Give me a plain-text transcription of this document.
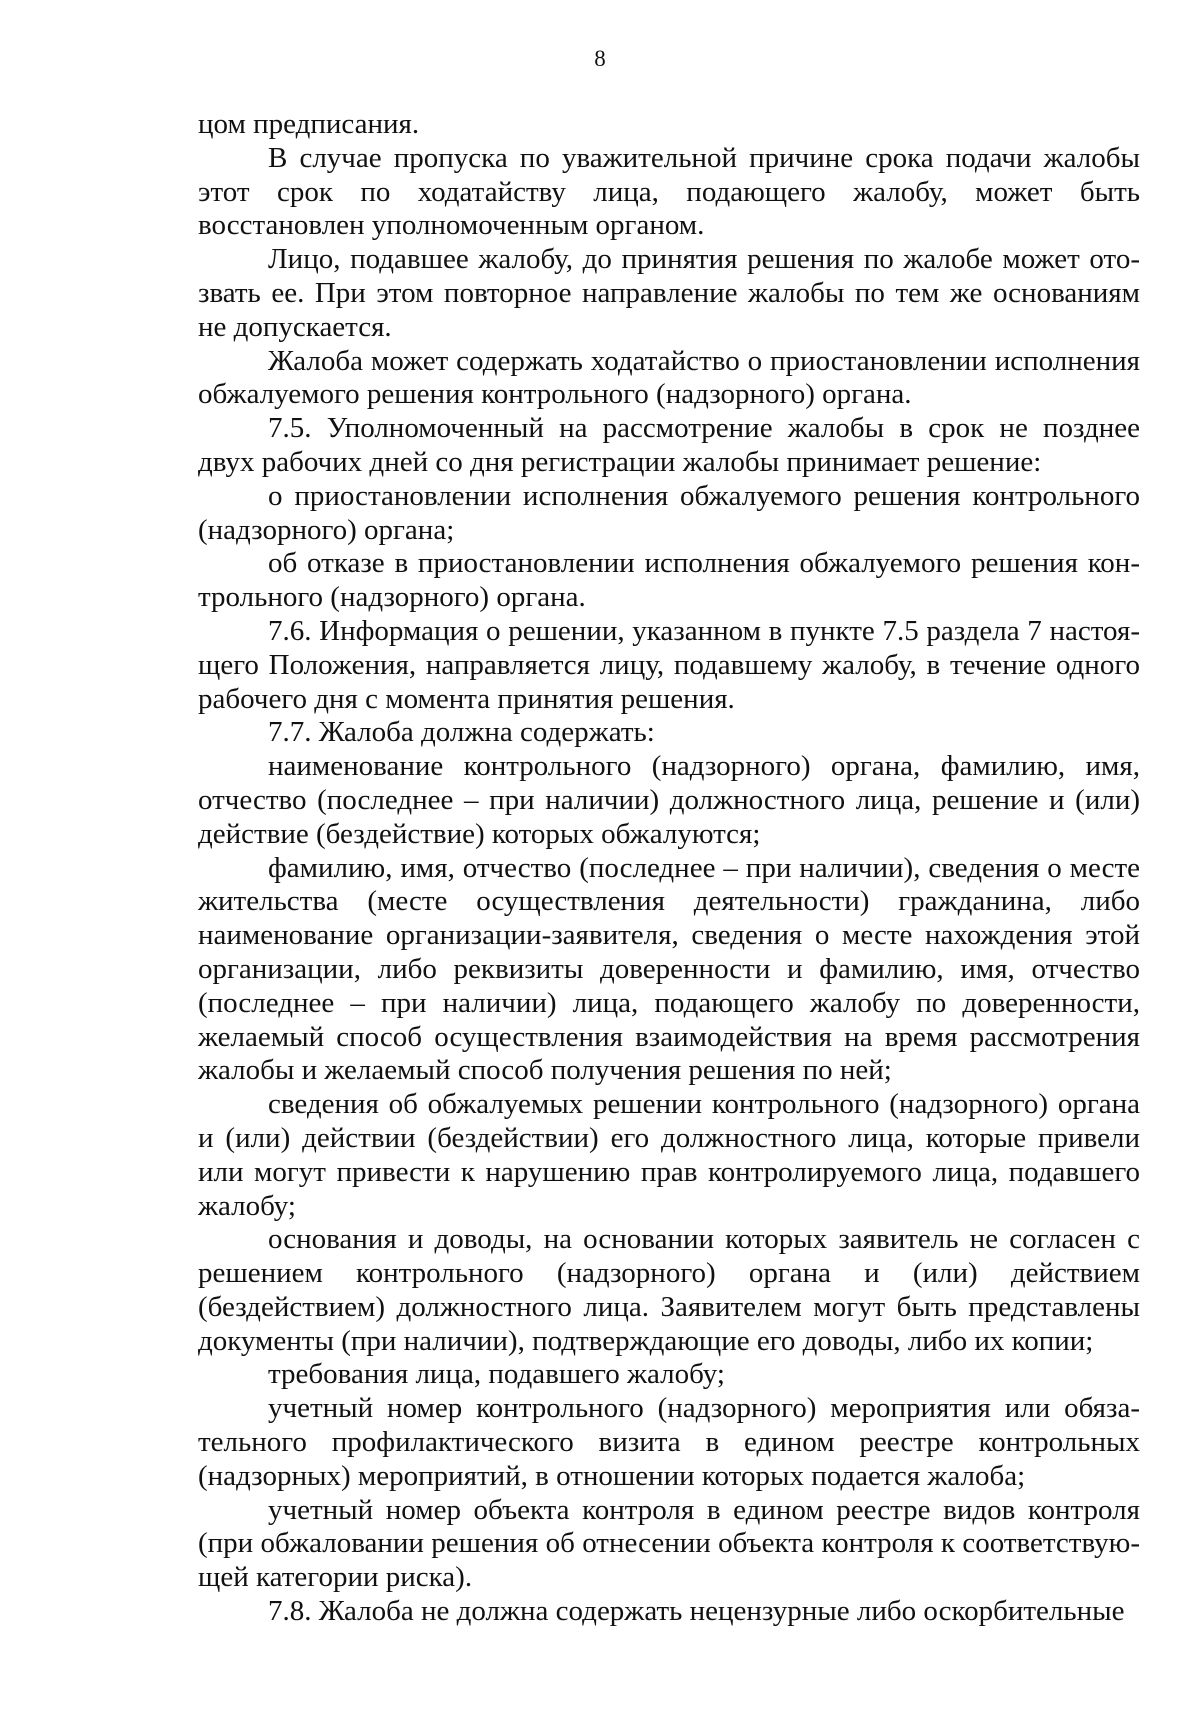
8

цом предписания.

В случае пропуска по уважительной причине срока подачи жалобы этот срок по ходатайству лица, подающего жалобу, может быть восстановлен уполномоченным органом.

Лицо, подавшее жалобу, до принятия решения по жалобе может отозвать ее. При этом повторное направление жалобы по тем же основаниям не допускается.

Жалоба может содержать ходатайство о приостановлении исполнения обжалуемого решения контрольного (надзорного) органа.

7.5. Уполномоченный на рассмотрение жалобы в срок не позднее двух рабочих дней со дня регистрации жалобы принимает решение:

о приостановлении исполнения обжалуемого решения контрольного (надзорного) органа;

об отказе в приостановлении исполнения обжалуемого решения контрольного (надзорного) органа.

7.6. Информация о решении, указанном в пункте 7.5 раздела 7 настоящего Положения, направляется лицу, подавшему жалобу, в течение одного рабочего дня с момента принятия решения.

7.7. Жалоба должна содержать:

наименование контрольного (надзорного) органа, фамилию, имя, отчество (последнее – при наличии) должностного лица, решение и (или) действие (бездействие) которых обжалуются;

фамилию, имя, отчество (последнее – при наличии), сведения о месте жительства (месте осуществления деятельности) гражданина, либо наименование организации-заявителя, сведения о месте нахождения этой организации, либо реквизиты доверенности и фамилию, имя, отчество (последнее – при наличии) лица, подающего жалобу по доверенности, желаемый способ осуществления взаимодействия на время рассмотрения жалобы и желаемый способ получения решения по ней;

сведения об обжалуемых решении контрольного (надзорного) органа и (или) действии (бездействии) его должностного лица, которые привели или могут привести к нарушению прав контролируемого лица, подавшего жалобу;

основания и доводы, на основании которых заявитель не согласен с решением контрольного (надзорного) органа и (или) действием (бездействием) должностного лица. Заявителем могут быть представлены документы (при наличии), подтверждающие его доводы, либо их копии;

требования лица, подавшего жалобу;

учетный номер контрольного (надзорного) мероприятия или обязательного профилактического визита в едином реестре контрольных (надзорных) мероприятий, в отношении которых подается жалоба;

учетный номер объекта контроля в едином реестре видов контроля (при обжаловании решения об отнесении объекта контроля к соответствующей категории риска).

7.8. Жалоба не должна содержать нецензурные либо оскорбительные
